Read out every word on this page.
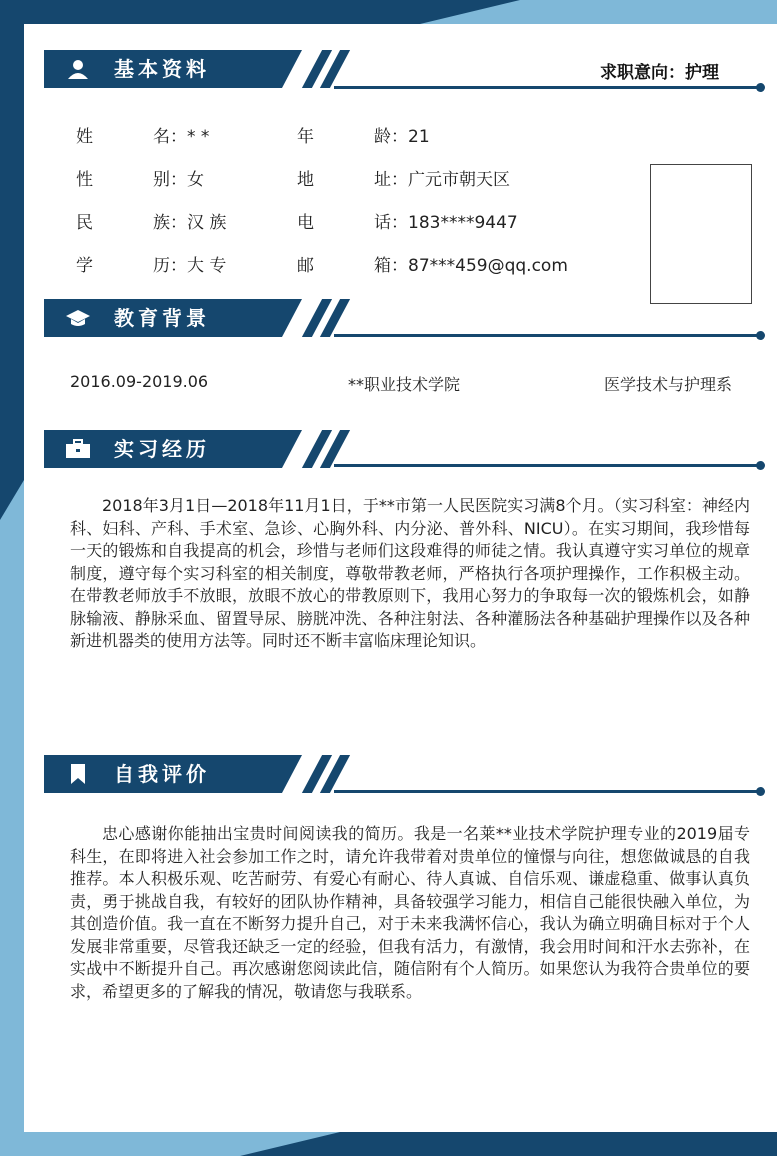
求职意向：护理
基本资料
姓名：* *
性别：女
民族：汉 族
学历：大 专
年龄：21
地址：广元市朝天区
电话：183****9447
邮箱：87***459@qq.com
教育背景
2016.09-2019.06	**职业技术学院	医学技术与护理系
实习经历

2018年3月1日—2018年11月1日，于**市第一人民医院实习满8个月。（实习科室：神经内科、妇科、产科、手术室、急诊、心胸外科、内分泌、普外科、NICU）。在实习期间，我珍惜每一天的锻炼和自我提高的机会，珍惜与老师们这段难得的师徒之情。我认真遵守实习单位的规章制度，遵守每个实习科室的相关制度，尊敬带教老师，严格执行各项护理操作，工作积极主动。在带教老师放手不放眼，放眼不放心的带教原则下，我用心努力的争取每一次的锻炼机会，如静脉输液、静脉采血、留置导尿、膀胱冲洗、各种注射法、各种灌肠法各种基础护理操作以及各种新进机器类的使用方法等。同时还不断丰富临床理论知识。

自我评价

忠心感谢你能抽出宝贵时间阅读我的简历。我是一名莱**业技术学院护理专业的2019届专科生，在即将进入社会参加工作之时，请允许我带着对贵单位的憧憬与向往，想您做诚恳的自我推荐。本人积极乐观、吃苦耐劳、有爱心有耐心、待人真诚、自信乐观、谦虚稳重、做事认真负责，勇于挑战自我，有较好的团队协作精神，具备较强学习能力，相信自己能很快融入单位，为其创造价值。我一直在不断努力提升自己，对于未来我满怀信心，我认为确立明确目标对于个人发展非常重要，尽管我还缺乏一定的经验，但我有活力，有激情，我会用时间和汗水去弥补，在实战中不断提升自己。再次感谢您阅读此信，随信附有个人简历。如果您认为我符合贵单位的要求，希望更多的了解我的情况，敬请您与我联系。
